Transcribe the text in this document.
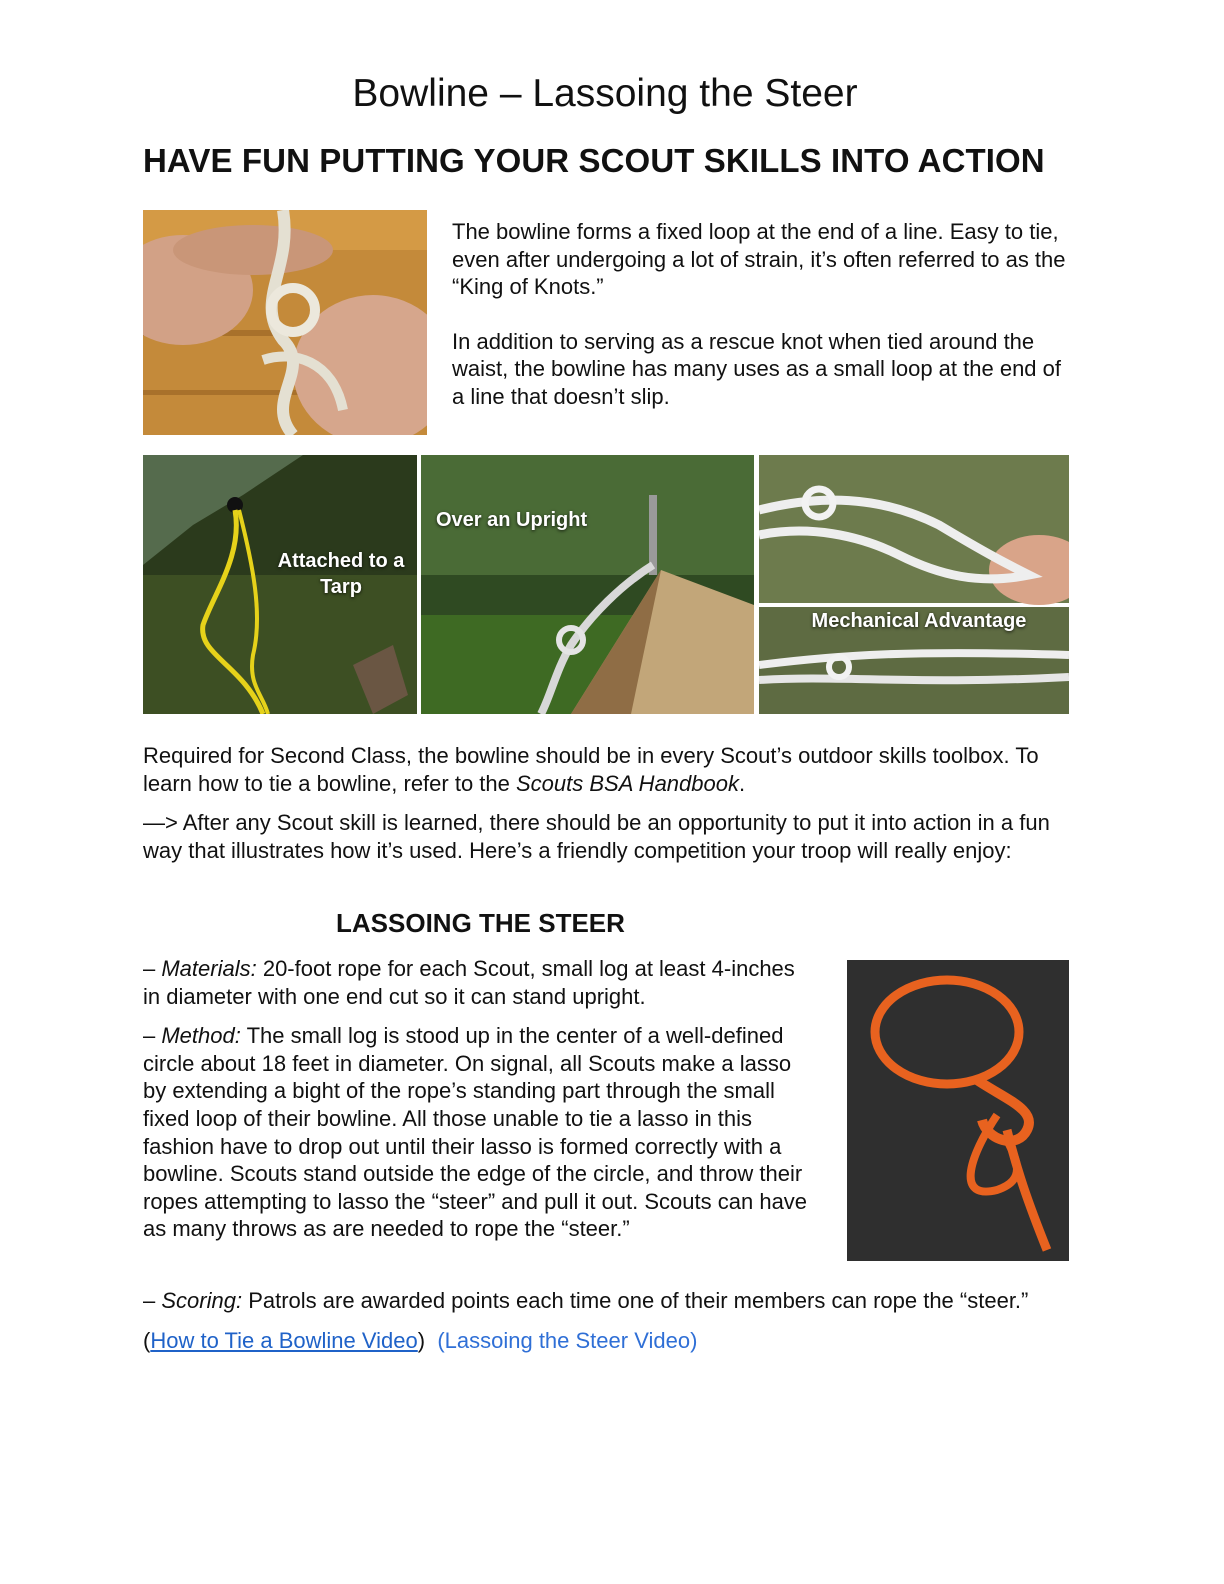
Bowline – Lassoing the Steer
HAVE FUN PUTTING YOUR SCOUT SKILLS INTO ACTION

The bowline forms a fixed loop at the end of a line. Easy to tie, even after undergoing a lot of strain, it’s often referred to as the “King of Knots.”

In addition to serving as a rescue knot when tied around the waist, the bowline has many uses as a small loop at the end of a line that doesn’t slip.

Attached to a Tarp
Over an Upright
Mechanical Advantage

Required for Second Class, the bowline should be in every Scout’s outdoor skills toolbox. To learn how to tie a bowline, refer to the Scouts BSA Handbook.

—> After any Scout skill is learned, there should be an opportunity to put it into action in a fun way that illustrates how it’s used. Here’s a friendly competition your troop will really enjoy:

LASSOING THE STEER

– Materials: 20-foot rope for each Scout, small log at least 4-inches in diameter with one end cut so it can stand upright.

– Method: The small log is stood up in the center of a well-defined circle about 18 feet in diameter. On signal, all Scouts make a lasso by extending a bight of the rope’s standing part through the small fixed loop of their bowline. All those unable to tie a lasso in this fashion have to drop out until their lasso is formed correctly with a bowline. Scouts stand outside the edge of the circle, and throw their ropes attempting to lasso the “steer” and pull it out. Scouts can have as many throws as are needed to rope the “steer.”

– Scoring: Patrols are awarded points each time one of their members can rope the “steer.”

(How to Tie a Bowline Video) (Lassoing the Steer Video)
